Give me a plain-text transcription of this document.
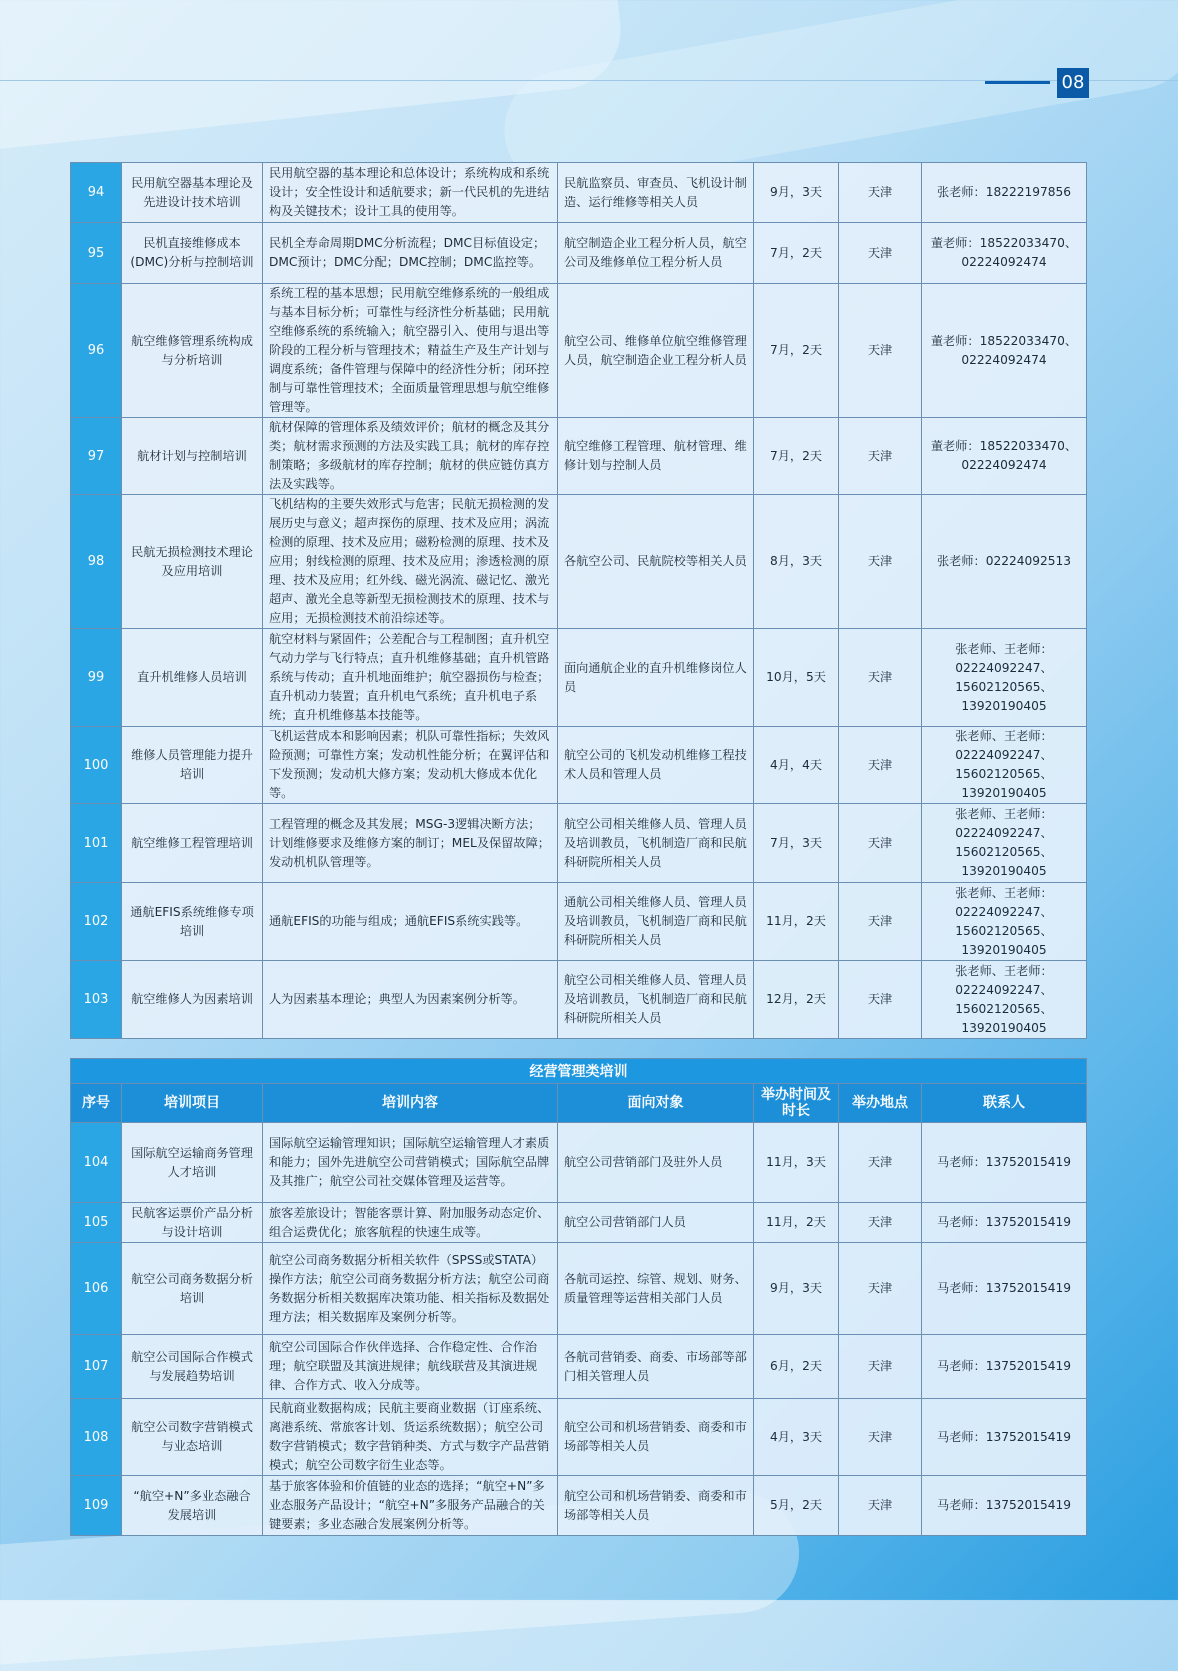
08
94	民用航空器基本理论及先进设计技术培训	民用航空器的基本理论和总体设计；系统构成和系统设计；安全性设计和适航要求；新一代民机的先进结构及关键技术；设计工具的使用等。	民航监察员、审查员、飞机设计制造、运行维修等相关人员	9月，3天	天津	张老师：18222197856
95	民机直接维修成本(DMC)分析与控制培训	民机全寿命周期DMC分析流程；DMC目标值设定；DMC预计；DMC分配；DMC控制；DMC监控等。	航空制造企业工程分析人员，航空公司及维修单位工程分析人员	7月，2天	天津	董老师：18522033470、02224092474
96	航空维修管理系统构成与分析培训	系统工程的基本思想；民用航空维修系统的一般组成与基本目标分析；可靠性与经济性分析基础；民用航空维修系统的系统输入；航空器引入、使用与退出等阶段的工程分析与管理技术；精益生产及生产计划与调度系统；备件管理与保障中的经济性分析；闭环控制与可靠性管理技术；全面质量管理思想与航空维修管理等。	航空公司、维修单位航空维修管理人员，航空制造企业工程分析人员	7月，2天	天津	董老师：18522033470、02224092474
97	航材计划与控制培训	航材保障的管理体系及绩效评价；航材的概念及其分类；航材需求预测的方法及实践工具；航材的库存控制策略；多级航材的库存控制；航材的供应链仿真方法及实践等。	航空维修工程管理、航材管理、维修计划与控制人员	7月，2天	天津	董老师：18522033470、02224092474
98	民航无损检测技术理论及应用培训	飞机结构的主要失效形式与危害；民航无损检测的发展历史与意义；超声探伤的原理、技术及应用；涡流检测的原理、技术及应用；磁粉检测的原理、技术及应用；射线检测的原理、技术及应用；渗透检测的原理、技术及应用；红外线、磁光涡流、磁记忆、激光超声、激光全息等新型无损检测技术的原理、技术与应用；无损检测技术前沿综述等。	各航空公司、民航院校等相关人员	8月，3天	天津	张老师：02224092513
99	直升机维修人员培训	航空材料与紧固件；公差配合与工程制图；直升机空气动力学与飞行特点；直升机维修基础；直升机管路系统与传动；直升机地面维护；航空器损伤与检查；直升机动力装置；直升机电气系统；直升机电子系统；直升机维修基本技能等。	面向通航企业的直升机维修岗位人员	10月，5天	天津	张老师、王老师：02224092247、15602120565、13920190405
100	维修人员管理能力提升培训	飞机运营成本和影响因素；机队可靠性指标；失效风险预测；可靠性方案；发动机性能分析；在翼评估和下发预测；发动机大修方案；发动机大修成本优化等。	航空公司的飞机发动机维修工程技术人员和管理人员	4月，4天	天津	张老师、王老师：02224092247、15602120565、13920190405
101	航空维修工程管理培训	工程管理的概念及其发展；MSG-3逻辑决断方法；计划维修要求及维修方案的制订；MEL及保留故障；发动机机队管理等。	航空公司相关维修人员、管理人员及培训教员，飞机制造厂商和民航科研院所相关人员	7月，3天	天津	张老师、王老师：02224092247、15602120565、13920190405
102	通航EFIS系统维修专项培训	通航EFIS的功能与组成；通航EFIS系统实践等。	通航公司相关维修人员、管理人员及培训教员，飞机制造厂商和民航科研院所相关人员	11月，2天	天津	张老师、王老师：02224092247、15602120565、13920190405
103	航空维修人为因素培训	人为因素基本理论；典型人为因素案例分析等。	航空公司相关维修人员、管理人员及培训教员，飞机制造厂商和民航科研院所相关人员	12月，2天	天津	张老师、王老师：02224092247、15602120565、13920190405
经营管理类培训						
序号	培训项目	培训内容	面向对象	举办时间及时长	举办地点	联系人
104	国际航空运输商务管理人才培训	国际航空运输管理知识；国际航空运输管理人才素质和能力；国外先进航空公司营销模式；国际航空品牌及其推广；航空公司社交媒体管理及运营等。	航空公司营销部门及驻外人员	11月，3天	天津	马老师：13752015419
105	民航客运票价产品分析与设计培训	旅客差旅设计；智能客票计算、附加服务动态定价、组合运费优化；旅客航程的快速生成等。	航空公司营销部门人员	11月，2天	天津	马老师：13752015419
106	航空公司商务数据分析培训	航空公司商务数据分析相关软件（SPSS或STATA）操作方法；航空公司商务数据分析方法；航空公司商务数据分析相关数据库决策功能、相关指标及数据处理方法；相关数据库及案例分析等。	各航司运控、综管、规划、财务、质量管理等运营相关部门人员	9月，3天	天津	马老师：13752015419
107	航空公司国际合作模式与发展趋势培训	航空公司国际合作伙伴选择、合作稳定性、合作治理；航空联盟及其演进规律；航线联营及其演进规律、合作方式、收入分成等。	各航司营销委、商委、市场部等部门相关管理人员	6月，2天	天津	马老师：13752015419
108	航空公司数字营销模式与业态培训	民航商业数据构成；民航主要商业数据（订座系统、离港系统、常旅客计划、货运系统数据）；航空公司数字营销模式；数字营销种类、方式与数字产品营销模式；航空公司数字衍生业态等。	航空公司和机场营销委、商委和市场部等相关人员	4月，3天	天津	马老师：13752015419
109	“航空+N”多业态融合发展培训	基于旅客体验和价值链的业态的选择；“航空+N”多业态服务产品设计；“航空+N”多服务产品融合的关键要素；多业态融合发展案例分析等。	航空公司和机场营销委、商委和市场部等相关人员	5月，2天	天津	马老师：13752015419
